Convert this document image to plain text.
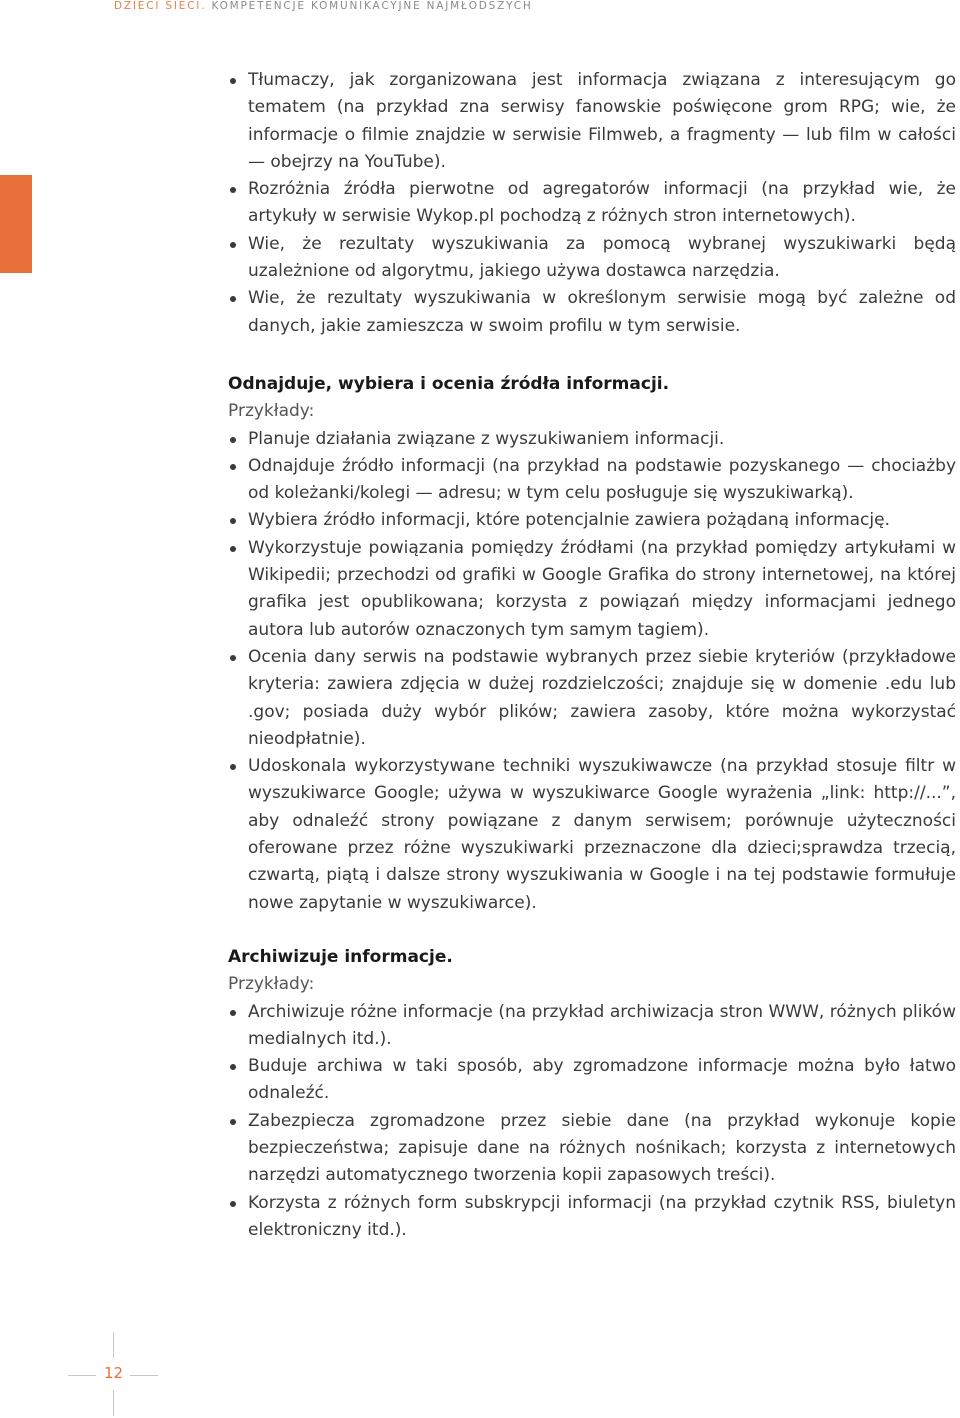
DZIECI SIECI. KOMPETENCJE KOMUNIKACYJNE NAJMŁODSZYCH
Tłumaczy, jak zorganizowana jest informacja związana z interesującym go tematem (na przykład zna serwisy fanowskie poświęcone grom RPG; wie, że informacje o filmie znajdzie w serwisie Filmweb, a fragmenty — lub film w całości — obejrzy na YouTube).
Rozróżnia źródła pierwotne od agregatorów informacji (na przykład wie, że artykuły w serwisie Wykop.pl pochodzą z różnych stron internetowych).
Wie, że rezultaty wyszukiwania za pomocą wybranej wyszukiwarki będą uzależnione od algorytmu, jakiego używa dostawca narzędzia.
Wie, że rezultaty wyszukiwania w określonym serwisie mogą być zależne od danych, jakie zamieszcza w swoim profilu w tym serwisie.
Odnajduje, wybiera i ocenia źródła informacji.
Przykłady:
Planuje działania związane z wyszukiwaniem informacji.
Odnajduje źródło informacji (na przykład na podstawie pozyskanego — chociażby od koleżanki/kolegi — adresu; w tym celu posługuje się wyszukiwarką).
Wybiera źródło informacji, które potencjalnie zawiera pożądaną informację.
Wykorzystuje powiązania pomiędzy źródłami (na przykład pomiędzy artykułami w Wikipedii; przechodzi od grafiki w Google Grafika do strony internetowej, na której grafika jest opublikowana; korzysta z powiązań między informacjami jednego autora lub autorów oznaczonych tym samym tagiem).
Ocenia dany serwis na podstawie wybranych przez siebie kryteriów (przykładowe kryteria: zawiera zdjęcia w dużej rozdzielczości; znajduje się w domenie .edu lub .gov; posiada duży wybór plików; zawiera zasoby, które można wykorzystać nieodpłatnie).
Udoskonala wykorzystywane techniki wyszukiwawcze (na przykład stosuje filtr w wyszukiwarce Google; używa w wyszukiwarce Google wyrażenia „link: http://...”, aby odnaleźć strony powiązane z danym serwisem; porównuje użyteczności oferowane przez różne wyszukiwarki przeznaczone dla dzieci;sprawdza trzecią, czwartą, piątą i dalsze strony wyszukiwania w Google i na tej podstawie formułuje nowe zapytanie w wyszukiwarce).
Archiwizuje informacje.
Przykłady:
Archiwizuje różne informacje (na przykład archiwizacja stron WWW, różnych plików medialnych itd.).
Buduje archiwa w taki sposób, aby zgromadzone informacje można było łatwo odnaleźć.
Zabezpiecza zgromadzone przez siebie dane (na przykład wykonuje kopie bezpieczeństwa; zapisuje dane na różnych nośnikach; korzysta z internetowych narzędzi automatycznego tworzenia kopii zapasowych treści).
Korzysta z różnych form subskrypcji informacji (na przykład czytnik RSS, biuletyn elektroniczny itd.).
12
